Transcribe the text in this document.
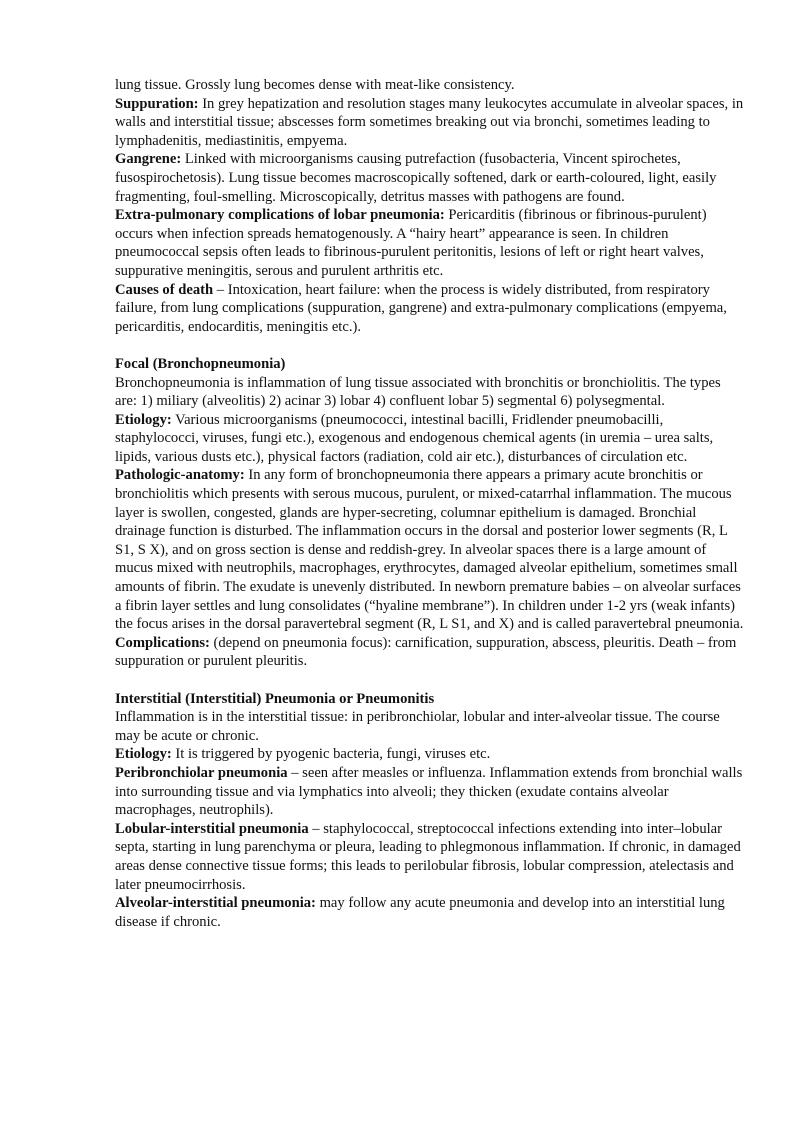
lung tissue. Grossly lung becomes dense with meat-like consistency.

Suppuration: In grey hepatization and resolution stages many leukocytes accumulate in alveolar spaces, in walls and interstitial tissue; abscesses form sometimes breaking out via bronchi, sometimes leading to lymphadenitis, mediastinitis, empyema.

Gangrene: Linked with microorganisms causing putrefaction (fusobacteria, Vincent spirochetes, fusospirochetosis). Lung tissue becomes macroscopically softened, dark or earth-coloured, light, easily fragmenting, foul-smelling. Microscopically, detritus masses with pathogens are found.

Extra-pulmonary complications of lobar pneumonia: Pericarditis (fibrinous or fibrinous-purulent) occurs when infection spreads hematogenously. A “hairy heart” appearance is seen. In children pneumococcal sepsis often leads to fibrinous-purulent peritonitis, lesions of left or right heart valves, suppurative meningitis, serous and purulent arthritis etc.

Causes of death – Intoxication, heart failure: when the process is widely distributed, from respiratory failure, from lung complications (suppuration, gangrene) and extra-pulmonary complications (empyema, pericarditis, endocarditis, meningitis etc.).

Focal (Bronchopneumonia)

Bronchopneumonia is inflammation of lung tissue associated with bronchitis or bronchiolitis. The types are: 1) miliary (alveolitis) 2) acinar 3) lobar 4) confluent lobar 5) segmental 6) polysegmental.

Etiology: Various microorganisms (pneumococci, intestinal bacilli, Fridlender pneumobacilli, staphylococci, viruses, fungi etc.), exogenous and endogenous chemical agents (in uremia – urea salts, lipids, various dusts etc.), physical factors (radiation, cold air etc.), disturbances of circulation etc.

Pathologic-anatomy: In any form of bronchopneumonia there appears a primary acute bronchitis or bronchiolitis which presents with serous mucous, purulent, or mixed-catarrhal inflammation. The mucous layer is swollen, congested, glands are hyper-secreting, columnar epithelium is damaged. Bronchial drainage function is disturbed. The inflammation occurs in the dorsal and posterior lower segments (R, L S1, S X), and on gross section is dense and reddish-grey. In alveolar spaces there is a large amount of mucus mixed with neutrophils, macrophages, erythrocytes, damaged alveolar epithelium, sometimes small amounts of fibrin. The exudate is unevenly distributed. In newborn premature babies – on alveolar surfaces a fibrin layer settles and lung consolidates (“hyaline membrane”). In children under 1-2 yrs (weak infants) the focus arises in the dorsal paravertebral segment (R, L S1, and X) and is called paravertebral pneumonia.

Complications: (depend on pneumonia focus): carnification, suppuration, abscess, pleuritis. Death – from suppuration or purulent pleuritis.

Interstitial (Interstitial) Pneumonia or Pneumonitis

Inflammation is in the interstitial tissue: in peribronchiolar, lobular and inter-alveolar tissue. The course may be acute or chronic.

Etiology: It is triggered by pyogenic bacteria, fungi, viruses etc.

Peribronchiolar pneumonia – seen after measles or influenza. Inflammation extends from bronchial walls into surrounding tissue and via lymphatics into alveoli; they thicken (exudate contains alveolar macrophages, neutrophils).

Lobular-interstitial pneumonia – staphylococcal, streptococcal infections extending into inter–lobular septa, starting in lung parenchyma or pleura, leading to phlegmonous inflammation. If chronic, in damaged areas dense connective tissue forms; this leads to perilobular fibrosis, lobular compression, atelectasis and later pneumocirrhosis.

Alveolar-interstitial pneumonia: may follow any acute pneumonia and develop into an interstitial lung disease if chronic.
